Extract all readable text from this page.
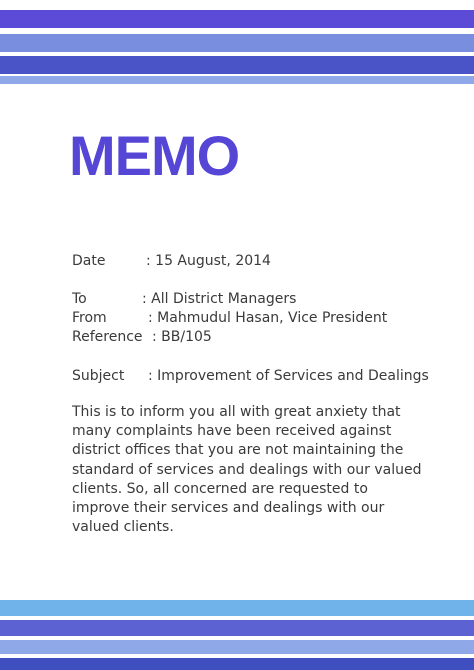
MEMO
Date	: 15 August, 2014
To	: All District Managers
From	: Mahmudul Hasan, Vice President
Reference : BB/105
Subject : Improvement of Services and Dealings

This is to inform you all with great anxiety that many complaints have been received against district offices that you are not maintaining the standard of services and dealings with our valued clients. So, all concerned are requested to improve their services and dealings with our valued clients.
